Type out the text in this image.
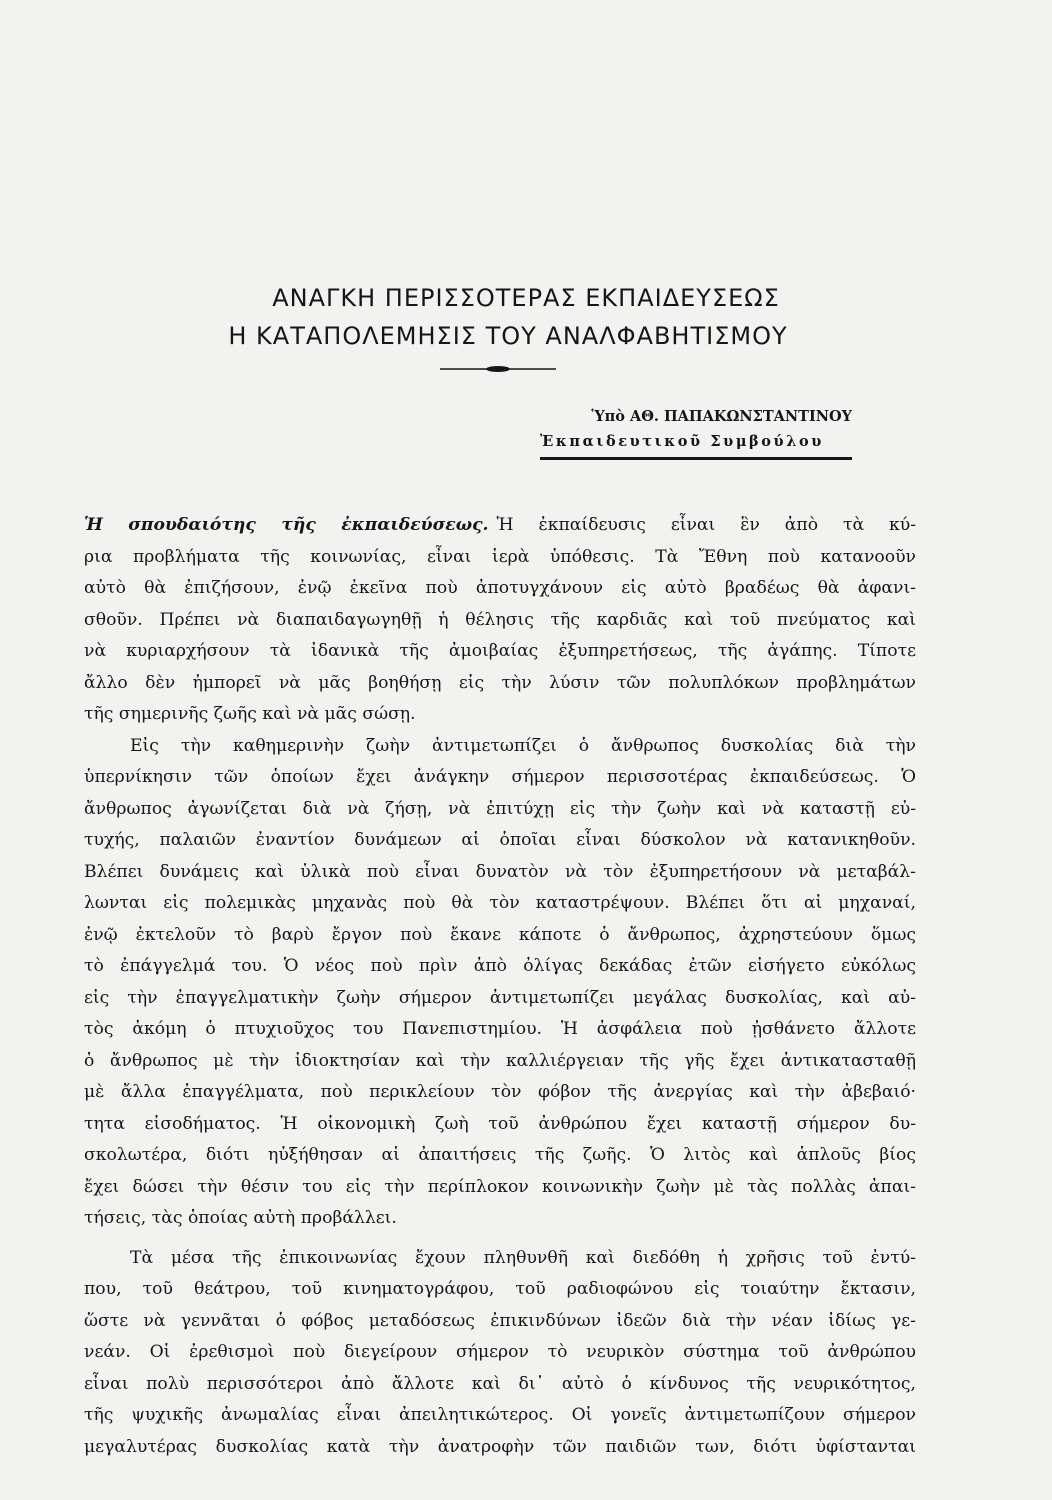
ΑΝΑΓΚΗ ΠΕΡΙΣΣΟΤΕΡΑΣ ΕΚΠΑΙΔΕΥΣΕΩΣ
Η ΚΑΤΑΠΟΛΕΜΗΣΙΣ ΤΟΥ ΑΝΑΛΦΑΒΗΤΙΣΜΟΥ
Ὑπὸ ΑΘ. ΠΑΠΑΚΩΝΣΤΑΝΤΙΝΟΥ
Ἐκπαιδευτικοῦ Συμβούλου
Ἡ σπουδαιότης τῆς ἐκπαιδεύσεως. Ἡ ἐκπαίδευσις εἶναι ἓν ἀπὸ τὰ κύ-
ρια προβλήματα τῆς κοινωνίας, εἶναι ἱερὰ ὑπόθεσις. Τὰ Ἔθνη ποὺ κατανοοῦν
αὐτὸ θὰ ἐπιζήσουν, ἐνῷ ἐκεῖνα ποὺ ἀποτυγχάνουν εἰς αὐτὸ βραδέως θὰ ἀφανι-
σθοῦν. Πρέπει νὰ διαπαιδαγωγηθῇ ἡ θέλησις τῆς καρδιᾶς καὶ τοῦ πνεύματος καὶ
νὰ κυριαρχήσουν τὰ ἰδανικὰ τῆς ἀμοιβαίας ἐξυπηρετήσεως, τῆς ἀγάπης. Τίποτε
ἄλλο δὲν ἠμπορεῖ νὰ μᾶς βοηθήσῃ εἰς τὴν λύσιν τῶν πολυπλόκων προβλημάτων
τῆς σημερινῆς ζωῆς καὶ νὰ μᾶς σώσῃ.
Εἰς τὴν καθημερινὴν ζωὴν ἀντιμετωπίζει ὁ ἄνθρωπος δυσκολίας διὰ τὴν
ὑπερνίκησιν τῶν ὁποίων ἔχει ἀνάγκην σήμερον περισσοτέρας ἐκπαιδεύσεως. Ὁ
ἄνθρωπος ἀγωνίζεται διὰ νὰ ζήσῃ, νὰ ἐπιτύχῃ εἰς τὴν ζωὴν καὶ νὰ καταστῇ εὐ-
τυχής, παλαιῶν ἐναντίον δυνάμεων αἱ ὁποῖαι εἶναι δύσκολον νὰ κατανικηθοῦν.
Βλέπει δυνάμεις καὶ ὑλικὰ ποὺ εἶναι δυνατὸν νὰ τὸν ἐξυπηρετήσουν νὰ μεταβάλ-
λωνται εἰς πολεμικὰς μηχανὰς ποὺ θὰ τὸν καταστρέψουν. Βλέπει ὅτι αἱ μηχαναί,
ἐνῷ ἐκτελοῦν τὸ βαρὺ ἔργον ποὺ ἔκανε κάποτε ὁ ἄνθρωπος, ἀχρηστεύουν ὅμως
τὸ ἐπάγγελμά του. Ὁ νέος ποὺ πρὶν ἀπὸ ὀλίγας δεκάδας ἐτῶν εἰσήγετο εὐκόλως
εἰς τὴν ἐπαγγελματικὴν ζωὴν σήμερον ἀντιμετωπίζει μεγάλας δυσκολίας, καὶ αὐ-
τὸς ἀκόμη ὁ πτυχιοῦχος του Πανεπιστημίου. Ἡ ἀσφάλεια ποὺ ᾐσθάνετο ἄλλοτε
ὁ ἄνθρωπος μὲ τὴν ἰδιοκτησίαν καὶ τὴν καλλιέργειαν τῆς γῆς ἔχει ἀντικατασταθῇ
μὲ ἄλλα ἐπαγγέλματα, ποὺ περικλείουν τὸν φόβον τῆς ἀνεργίας καὶ τὴν ἀβεβαιό·
τητα εἰσοδήματος. Ἡ οἰκονομικὴ ζωὴ τοῦ ἀνθρώπου ἔχει καταστῇ σήμερον δυ-
σκολωτέρα, διότι ηὐξήθησαν αἱ ἀπαιτήσεις τῆς ζωῆς. Ὁ λιτὸς καὶ ἁπλοῦς βίος
ἔχει δώσει τὴν θέσιν του εἰς τὴν περίπλοκον κοινωνικὴν ζωὴν μὲ τὰς πολλὰς ἀπαι-
τήσεις, τὰς ὁποίας αὐτὴ προβάλλει.
Τὰ μέσα τῆς ἐπικοινωνίας ἔχουν πληθυνθῆ καὶ διεδόθη ἡ χρῆσις τοῦ ἐντύ-
που, τοῦ θεάτρου, τοῦ κινηματογράφου, τοῦ ραδιοφώνου εἰς τοιαύτην ἔκτασιν,
ὥστε νὰ γεννᾶται ὁ φόβος μεταδόσεως ἐπικινδύνων ἰδεῶν διὰ τὴν νέαν ἰδίως γε-
νεάν. Οἱ ἐρεθισμοὶ ποὺ διεγείρουν σήμερον τὸ νευρικὸν σύστημα τοῦ ἀνθρώπου
εἶναι πολὺ περισσότεροι ἀπὸ ἄλλοτε καὶ δι᾿ αὐτὸ ὁ κίνδυνος τῆς νευρικότητος,
τῆς ψυχικῆς ἀνωμαλίας εἶναι ἀπειλητικώτερος. Οἱ γονεῖς ἀντιμετωπίζουν σήμερον
μεγαλυτέρας δυσκολίας κατὰ τὴν ἀνατροφὴν τῶν παιδιῶν των, διότι ὑφίστανται
